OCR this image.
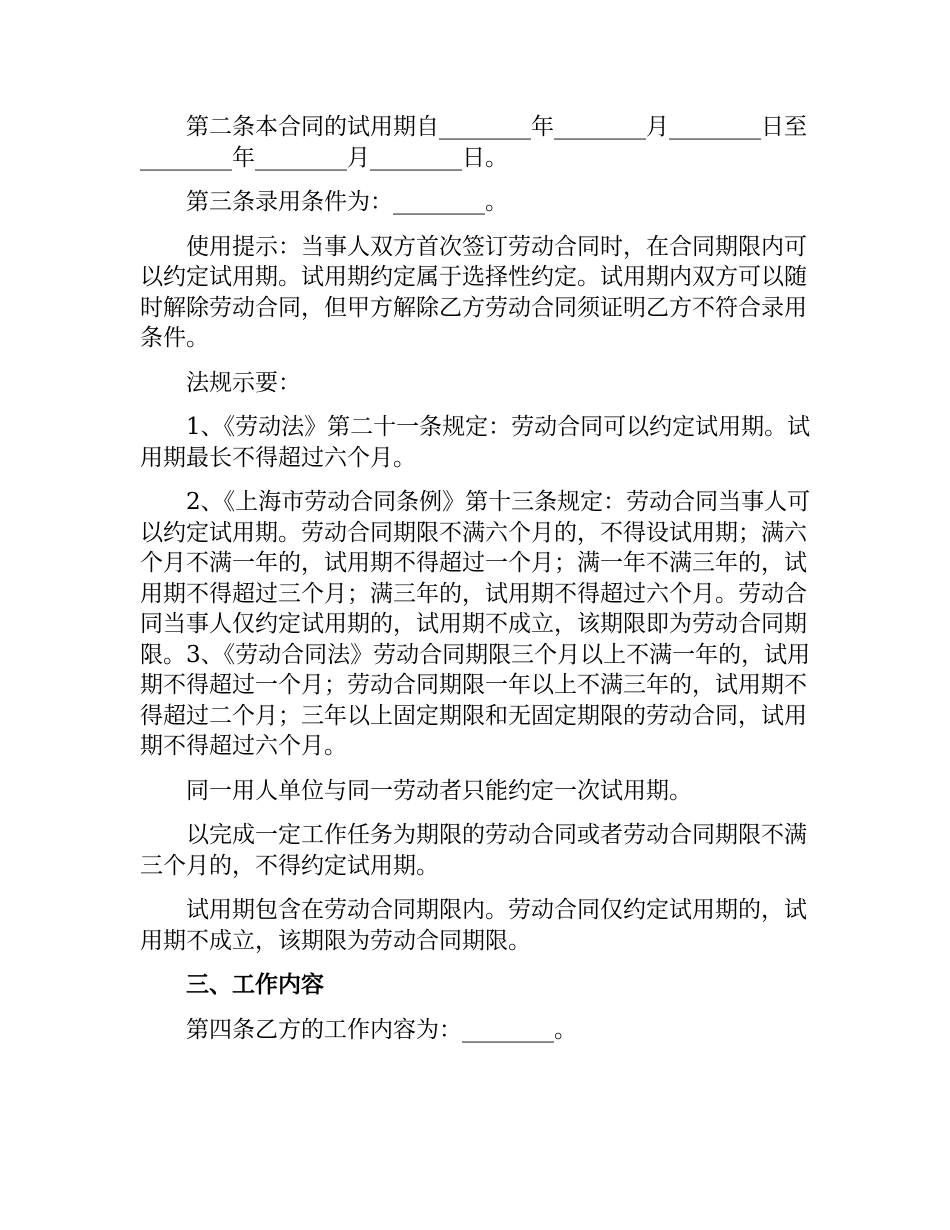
第二条本合同的试用期自________年________月________日至________年________月________日。

第三条录用条件为：________。

使用提示：当事人双方首次签订劳动合同时，在合同期限内可以约定试用期。试用期约定属于选择性约定。试用期内双方可以随时解除劳动合同，但甲方解除乙方劳动合同须证明乙方不符合录用条件。

法规示要：

1、《劳动法》第二十一条规定：劳动合同可以约定试用期。试用期最长不得超过六个月。

2、《上海市劳动合同条例》第十三条规定：劳动合同当事人可以约定试用期。劳动合同期限不满六个月的，不得设试用期；满六个月不满一年的，试用期不得超过一个月；满一年不满三年的，试用期不得超过三个月；满三年的，试用期不得超过六个月。劳动合同当事人仅约定试用期的，试用期不成立，该期限即为劳动合同期限。3、《劳动合同法》劳动合同期限三个月以上不满一年的，试用期不得超过一个月；劳动合同期限一年以上不满三年的，试用期不得超过二个月；三年以上固定期限和无固定期限的劳动合同，试用期不得超过六个月。

同一用人单位与同一劳动者只能约定一次试用期。

以完成一定工作任务为期限的劳动合同或者劳动合同期限不满三个月的，不得约定试用期。

试用期包含在劳动合同期限内。劳动合同仅约定试用期的，试用期不成立，该期限为劳动合同期限。

三、工作内容

第四条乙方的工作内容为：________。
